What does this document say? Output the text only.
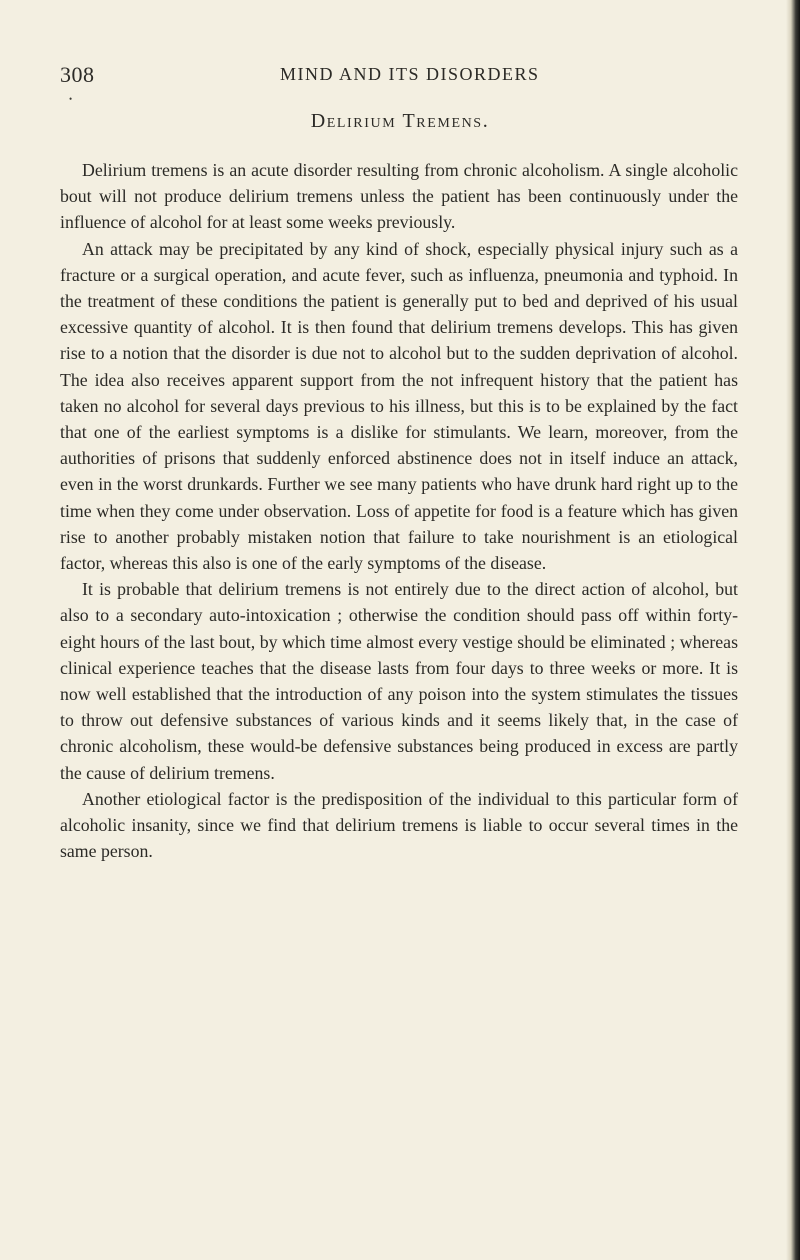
308	MIND AND ITS DISORDERS
•
Delirium Tremens.

Delirium tremens is an acute disorder resulting from chronic alcoholism. A single alcoholic bout will not produce delirium tremens unless the patient has been continuously under the influence of alcohol for at least some weeks previously.

An attack may be precipitated by any kind of shock, especially physical injury such as a fracture or a surgical operation, and acute fever, such as influenza, pneumonia and typhoid. In the treatment of these conditions the patient is generally put to bed and deprived of his usual excessive quantity of alcohol. It is then found that delirium tremens develops. This has given rise to a notion that the disorder is due not to alcohol but to the sudden deprivation of alcohol. The idea also receives apparent support from the not infrequent history that the patient has taken no alcohol for several days previous to his illness, but this is to be explained by the fact that one of the earliest symptoms is a dislike for stimulants. We learn, moreover, from the authorities of prisons that suddenly enforced abstinence does not in itself induce an attack, even in the worst drunkards. Further we see many patients who have drunk hard right up to the time when they come under observation. Loss of appetite for food is a feature which has given rise to another probably mistaken notion that failure to take nourishment is an etiological factor, whereas this also is one of the early symptoms of the disease.

It is probable that delirium tremens is not entirely due to the direct action of alcohol, but also to a secondary auto-intoxication ; otherwise the condition should pass off within forty-eight hours of the last bout, by which time almost every vestige should be eliminated ; whereas clinical experience teaches that the disease lasts from four days to three weeks or more. It is now well established that the introduction of any poison into the system stimulates the tissues to throw out defensive substances of various kinds and it seems likely that, in the case of chronic alcoholism, these would-be defensive substances being produced in excess are partly the cause of delirium tremens.

Another etiological factor is the predisposition of the individual to this particular form of alcoholic insanity, since we find that delirium tremens is liable to occur several times in the same person.
